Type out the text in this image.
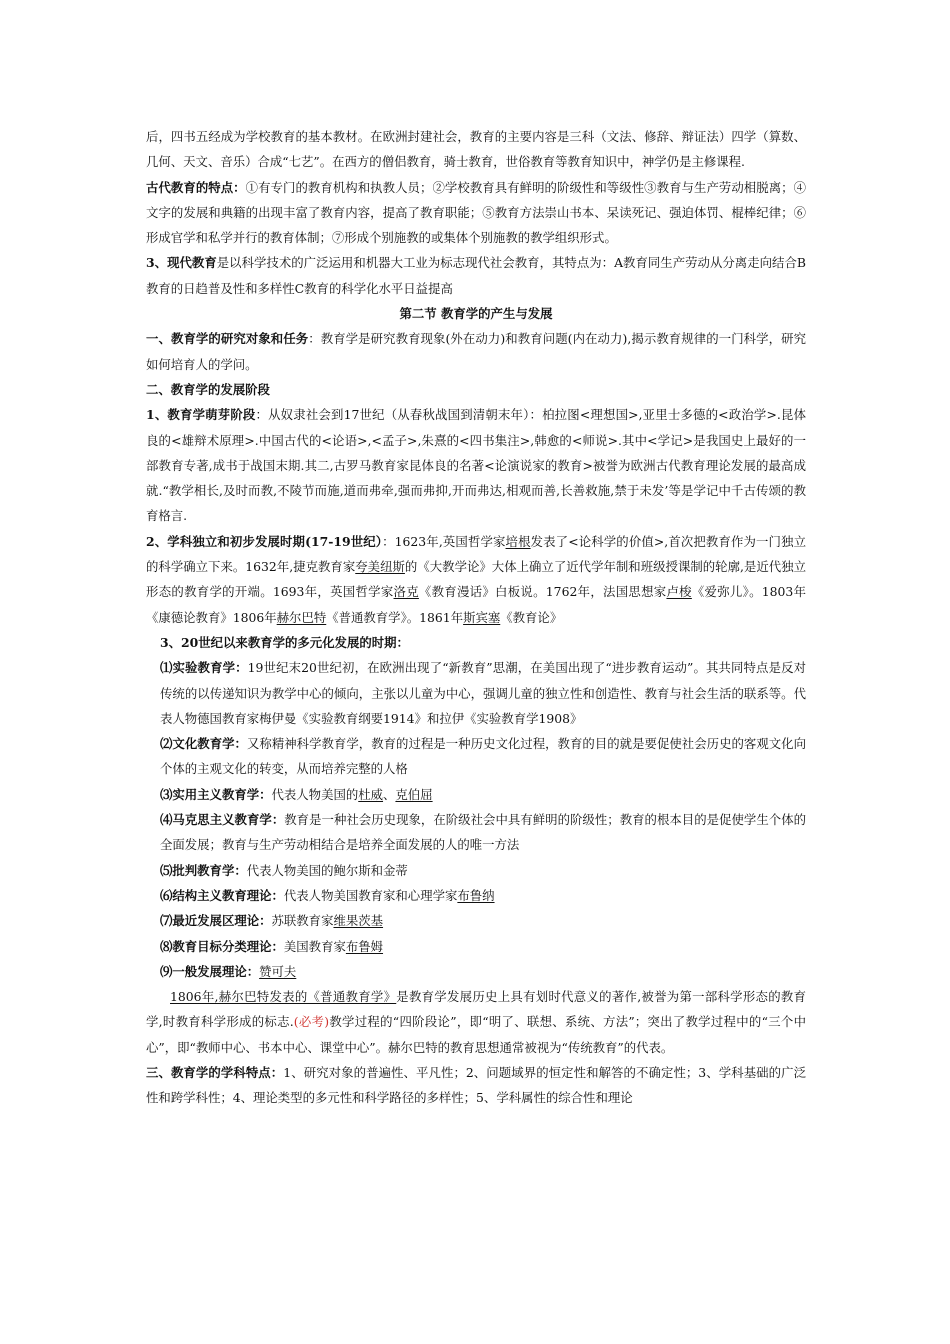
后，四书五经成为学校教育的基本教材。在欧洲封建社会，教育的主要内容是三科（文法、修辞、辩证法）四学（算数、几何、天文、音乐）合成“七艺”。在西方的僧侣教育，骑士教育，世俗教育等教育知识中，神学仍是主修课程.

古代教育的特点：①有专门的教育机构和执教人员；②学校教育具有鲜明的阶级性和等级性③教育与生产劳动相脱离；④文字的发展和典籍的出现丰富了教育内容，提高了教育职能；⑤教育方法崇山书本、呆读死记、强迫体罚、棍棒纪律；⑥形成官学和私学并行的教育体制；⑦形成个别施教的或集体个别施教的教学组织形式。

3、现代教育是以科学技术的广泛运用和机器大工业为标志现代社会教育，其特点为：A教育同生产劳动从分离走向结合B教育的日趋普及性和多样性C教育的科学化水平日益提高

第二节 教育学的产生与发展

一、教育学的研究对象和任务：教育学是研究教育现象(外在动力)和教育问题(内在动力),揭示教育规律的一门科学，研究如何培育人的学问。

二、教育学的发展阶段

1、教育学萌芽阶段：从奴隶社会到17世纪（从春秋战国到清朝末年）：柏拉图<理想国>,亚里士多德的<政治学>.昆体良的<雄辩术原理>.中国古代的<论语>,<孟子>,朱熹的<四书集注>,韩愈的<师说>.其中<学记>是我国史上最好的一部教育专著,成书于战国末期.其二,古罗马教育家昆体良的名著<论演说家的教育>被誉为欧洲古代教育理论发展的最高成就.“教学相长,及时而教,不陵节而施,道而弗牵,强而弗抑,开而弗达,相观而善,长善救施,禁于未发’等是学记中千古传颂的教育格言.

2、学科独立和初步发展时期(17-19世纪）：1623年,英国哲学家培根发表了<论科学的价值>,首次把教育作为一门独立的科学确立下来。1632年,捷克教育家夸美纽斯的《大教学论》大体上确立了近代学年制和班级授课制的轮廓,是近代独立形态的教育学的开端。1693年，英国哲学家洛克《教育漫话》白板说。1762年，法国思想家卢梭《爱弥儿》。1803年《康德论教育》1806年赫尔巴特《普通教育学》。1861年斯宾塞《教育论》

3、20世纪以来教育学的多元化发展的时期：

⑴实验教育学：19世纪末20世纪初，在欧洲出现了“新教育”思潮，在美国出现了“进步教育运动”。其共同特点是反对传统的以传递知识为教学中心的倾向，主张以儿童为中心，强调儿童的独立性和创造性、教育与社会生活的联系等。代表人物德国教育家梅伊曼《实验教育纲要1914》和拉伊《实验教育学1908》

⑵文化教育学：又称精神科学教育学，教育的过程是一种历史文化过程，教育的目的就是要促使社会历史的客观文化向个体的主观文化的转变，从而培养完整的人格

⑶实用主义教育学：代表人物美国的杜威、克伯屈

⑷马克思主义教育学：教育是一种社会历史现象，在阶级社会中具有鲜明的阶级性；教育的根本目的是促使学生个体的全面发展；教育与生产劳动相结合是培养全面发展的人的唯一方法

⑸批判教育学：代表人物美国的鲍尔斯和金蒂

⑹结构主义教育理论：代表人物美国教育家和心理学家布鲁纳

⑺最近发展区理论：苏联教育家维果茨基

⑻教育目标分类理论：美国教育家布鲁姆

⑼一般发展理论：赞可夫

1806年,赫尔巴特发表的《普通教育学》是教育学发展历史上具有划时代意义的著作,被誉为第一部科学形态的教育学,时教育科学形成的标志.(必考)教学过程的“四阶段论”，即“明了、联想、系统、方法”；突出了教学过程中的“三个中心”，即“教师中心、书本中心、课堂中心”。赫尔巴特的教育思想通常被视为“传统教育”的代表。

三、教育学的学科特点：1、研究对象的普遍性、平凡性；2、问题域界的恒定性和解答的不确定性；3、学科基础的广泛性和跨学科性；4、理论类型的多元性和科学路径的多样性；5、学科属性的综合性和理论
